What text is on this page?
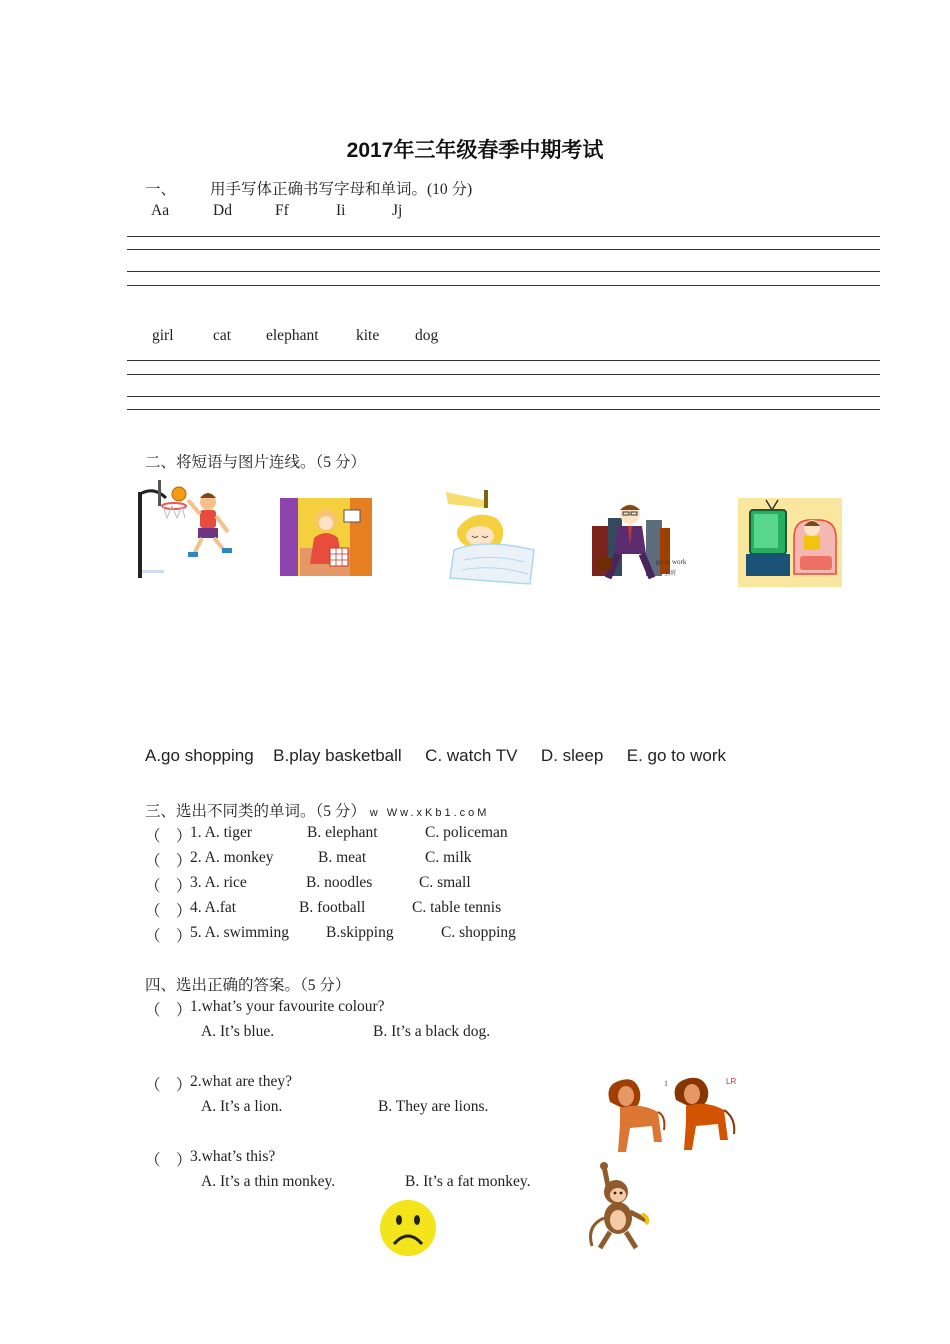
2017年三年级春季中期考试
一、 用手写体正确书写字母和单词。(10 分)
Aa	Dd	Ff	Ii	Jj
girl	cat elephant kite dog
二、将短语与图片连线。（5 分）
go to work
上班
A.go shopping B.play basketball C. watch TV D. sleep E. go to work
三、选出不同类的单词。（5 分） w Ww.xKb1.coM
（　）
1. A. tiger	B. elephant	C. policeman
（　）
2. A. monkey	B. meat	C. milk
（　）
3. A. rice	B. noodles	C. small
（　）
4. A.fat	B. football	C. table tennis
（　）
5. A. swimming B.skipping	C. shopping
四、选出正确的答案。（5 分）
（　）
1.what’s your favourite colour?
A. It’s blue.	B. It’s a black dog.
（　）
2.what are they?
A. It’s a lion.	B. They are lions.
（　）
3.what’s this?
A. It’s a thin monkey.	B. It’s a fat monkey.
1	LR
